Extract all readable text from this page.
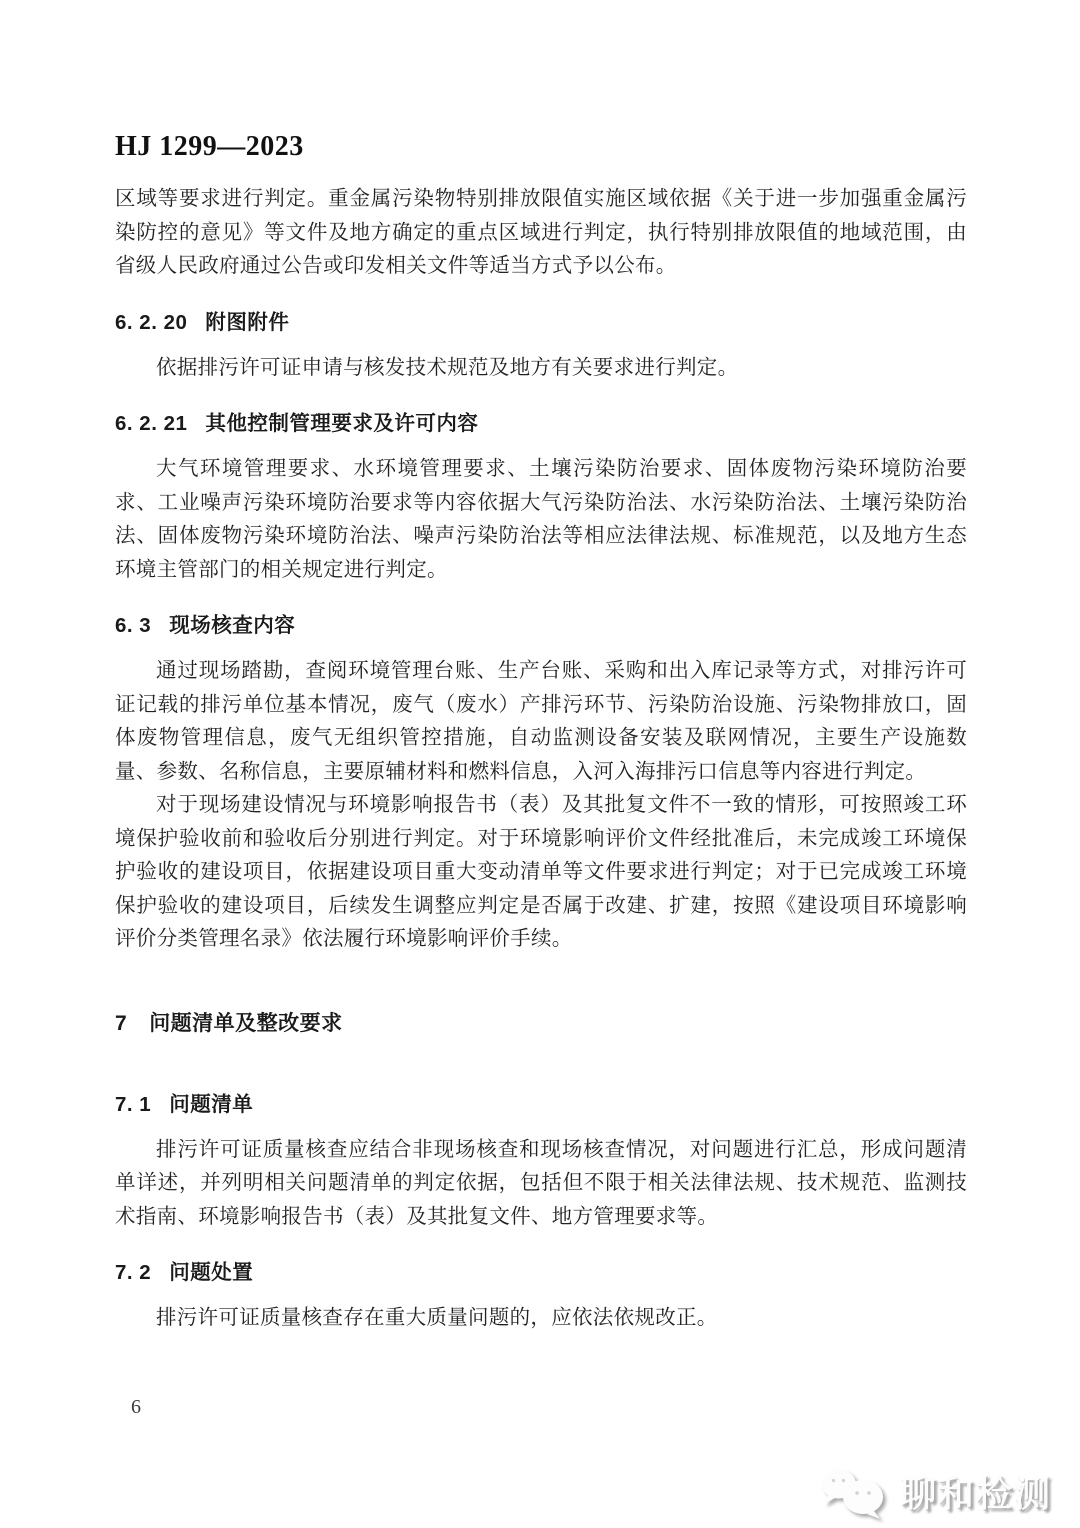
HJ 1299—2023

区域等要求进行判定。重金属污染物特别排放限值实施区域依据《关于进一步加强重金属污染防控的意见》等文件及地方确定的重点区域进行判定，执行特别排放限值的地域范围，由省级人民政府通过公告或印发相关文件等适当方式予以公布。

6. 2. 20 附图附件

依据排污许可证申请与核发技术规范及地方有关要求进行判定。

6. 2. 21 其他控制管理要求及许可内容

大气环境管理要求、水环境管理要求、土壤污染防治要求、固体废物污染环境防治要求、工业噪声污染环境防治要求等内容依据大气污染防治法、水污染防治法、土壤污染防治法、固体废物污染环境防治法、噪声污染防治法等相应法律法规、标准规范，以及地方生态环境主管部门的相关规定进行判定。

6. 3 现场核查内容

通过现场踏勘，查阅环境管理台账、生产台账、采购和出入库记录等方式，对排污许可证记载的排污单位基本情况，废气（废水）产排污环节、污染防治设施、污染物排放口，固体废物管理信息，废气无组织管控措施，自动监测设备安装及联网情况，主要生产设施数量、参数、名称信息，主要原辅材料和燃料信息，入河入海排污口信息等内容进行判定。

对于现场建设情况与环境影响报告书（表）及其批复文件不一致的情形，可按照竣工环境保护验收前和验收后分别进行判定。对于环境影响评价文件经批准后，未完成竣工环境保护验收的建设项目，依据建设项目重大变动清单等文件要求进行判定；对于已完成竣工环境保护验收的建设项目，后续发生调整应判定是否属于改建、扩建，按照《建设项目环境影响评价分类管理名录》依法履行环境影响评价手续。

7 问题清单及整改要求
7. 1 问题清单

排污许可证质量核查应结合非现场核查和现场核查情况，对问题进行汇总，形成问题清单详述，并列明相关问题清单的判定依据，包括但不限于相关法律法规、技术规范、监测技术指南、环境影响报告书（表）及其批复文件、地方管理要求等。

7. 2 问题处置

排污许可证质量核查存在重大质量问题的，应依法依规改正。

6
聊和检测
